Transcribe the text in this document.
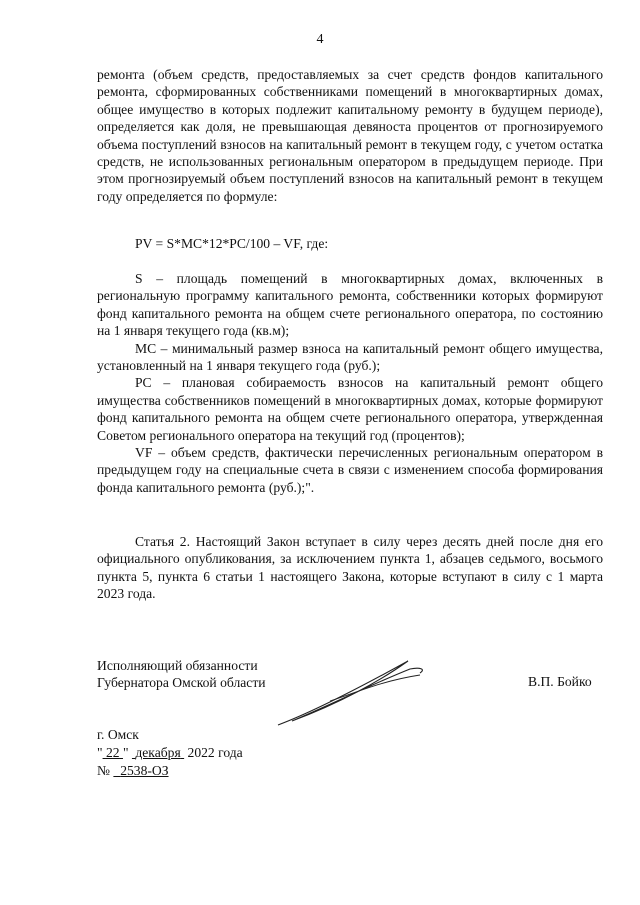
4

ремонта (объем средств, предоставляемых за счет средств фондов капитального ремонта, сформированных собственниками помещений в многоквартирных домах, общее имущество в которых подлежит капитальному ремонту в будущем периоде), определяется как доля, не превышающая девяноста процентов от прогнозируемого объема поступлений взносов на капитальный ремонт в текущем году, с учетом остатка средств, не использованных региональным оператором в предыдущем периоде. При этом прогнозируемый объем поступлений взносов на капитальный ремонт в текущем году определяется по формуле:

PV = S*MC*12*PC/100 – VF, где:

S – площадь помещений в многоквартирных домах, включенных в региональную программу капитального ремонта, собственники которых формируют фонд капитального ремонта на общем счете регионального оператора, по состоянию на 1 января текущего года (кв.м);

MC – минимальный размер взноса на капитальный ремонт общего имущества, установленный на 1 января текущего года (руб.);

PC – плановая собираемость взносов на капитальный ремонт общего имущества собственников помещений в многоквартирных домах, которые формируют фонд капитального ремонта на общем счете регионального оператора, утвержденная Советом регионального оператора на текущий год (процентов);

VF – объем средств, фактически перечисленных региональным оператором в предыдущем году на специальные счета в связи с изменением способа формирования фонда капитального ремонта (руб.);".

Статья 2. Настоящий Закон вступает в силу через десять дней после дня его официального опубликования, за исключением пункта 1, абзацев седьмого, восьмого пункта 5, пункта 6 статьи 1 настоящего Закона, которые вступают в силу с 1 марта 2023 года.

Исполняющий обязанности
Губернатора Омской области	В.П. Бойко
г. Омск
" 22 " декабря 2022 года
№ 2538-ОЗ
